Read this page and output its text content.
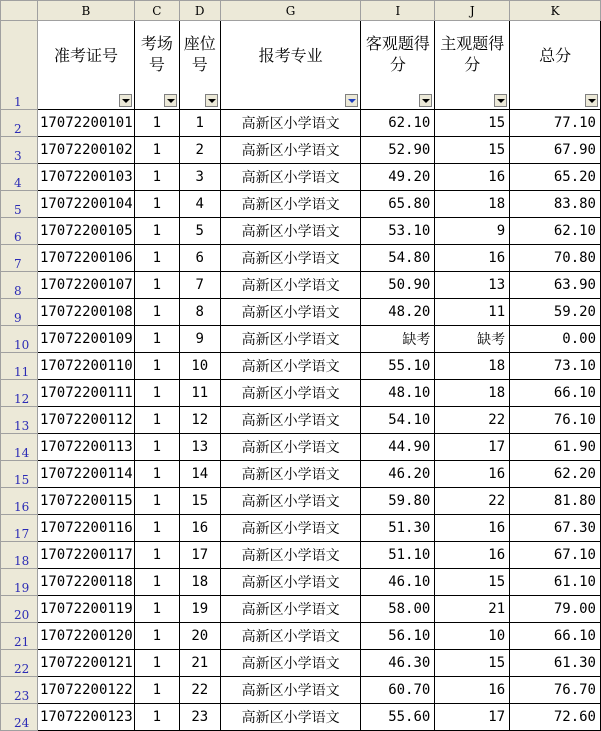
	B	C	D	G	I	J	K
1	准考证号	考场号	座位号	报考专业	客观题得分	主观题得分	总分

2	17072200101	1	1	高新区小学语文	62.10	15	77.10
3	17072200102	1	2	高新区小学语文	52.90	15	67.90
4	17072200103	1	3	高新区小学语文	49.20	16	65.20
5	17072200104	1	4	高新区小学语文	65.80	18	83.80
6	17072200105	1	5	高新区小学语文	53.10	9	62.10
7	17072200106	1	6	高新区小学语文	54.80	16	70.80
8	17072200107	1	7	高新区小学语文	50.90	13	63.90
9	17072200108	1	8	高新区小学语文	48.20	11	59.20
10	17072200109	1	9	高新区小学语文	缺考	缺考	0.00
11	17072200110	1	10	高新区小学语文	55.10	18	73.10
12	17072200111	1	11	高新区小学语文	48.10	18	66.10
13	17072200112	1	12	高新区小学语文	54.10	22	76.10
14	17072200113	1	13	高新区小学语文	44.90	17	61.90
15	17072200114	1	14	高新区小学语文	46.20	16	62.20
16	17072200115	1	15	高新区小学语文	59.80	22	81.80
17	17072200116	1	16	高新区小学语文	51.30	16	67.30
18	17072200117	1	17	高新区小学语文	51.10	16	67.10
19	17072200118	1	18	高新区小学语文	46.10	15	61.10
20	17072200119	1	19	高新区小学语文	58.00	21	79.00
21	17072200120	1	20	高新区小学语文	56.10	10	66.10
22	17072200121	1	21	高新区小学语文	46.30	15	61.30
23	17072200122	1	22	高新区小学语文	60.70	16	76.70
24	17072200123	1	23	高新区小学语文	55.60	17	72.60
